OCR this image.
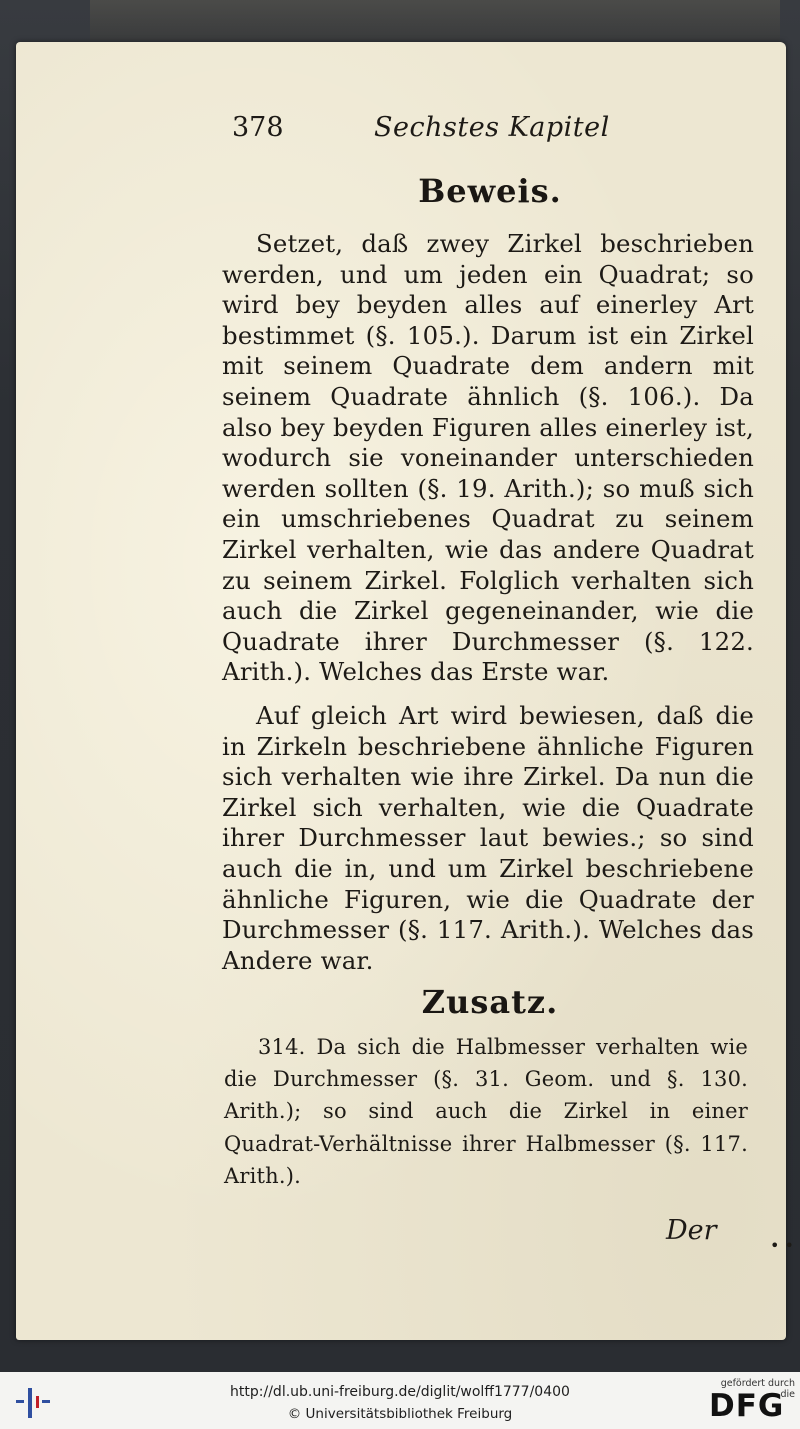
378	Sechstes Kapitel
Beweis.

Setzet, daß zwey Zirkel beschrieben werden, und um jeden ein Quadrat; so wird bey beyden alles auf einerley Art bestimmet (§. 105.). Darum ist ein Zirkel mit seinem Quadrate dem andern mit seinem Quadrate ähnlich (§. 106.). Da also bey beyden Figuren alles einerley ist, wodurch sie voneinander unterschieden werden sollten (§. 19. Arith.); so muß sich ein umschriebenes Quadrat zu seinem Zirkel verhalten, wie das andere Quadrat zu seinem Zirkel. Folglich verhalten sich auch die Zirkel gegeneinander, wie die Quadrate ihrer Durchmesser (§. 122. Arith.). Welches das Erste war.

Auf gleich Art wird bewiesen, daß die in Zirkeln beschriebene ähnliche Figuren sich verhalten wie ihre Zirkel. Da nun die Zirkel sich verhalten, wie die Quadrate ihrer Durchmesser laut bewies.; so sind auch die in, und um Zirkel beschriebene ähnliche Figuren, wie die Quadrate der Durchmesser (§. 117. Arith.). Welches das Andere war.

Zusatz.

314. Da sich die Halbmesser verhalten wie die Durchmesser (§. 31. Geom. und §. 130. Arith.); so sind auch die Zirkel in einer Quadrat-Verhältnisse ihrer Halbmesser (§. 117. Arith.).

Der	• •
http://dl.ub.uni-freiburg.de/diglit/wolff1777/0400
© Universitätsbibliothek Freiburg
gefördert durch die
DFG
